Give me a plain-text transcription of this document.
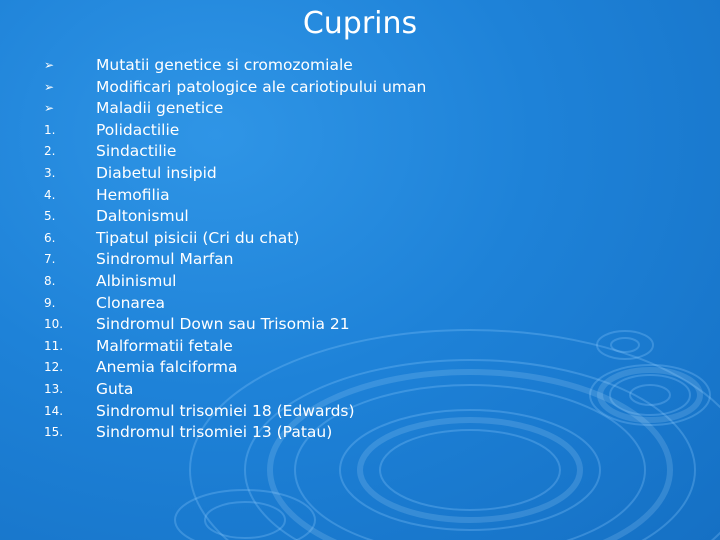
Cuprins
➢	Mutatii genetice si cromozomiale
➢	Modificari patologice ale cariotipului uman
➢	Maladii genetice
1.	Polidactilie
2.	Sindactilie
3.	Diabetul insipid
4.	Hemofilia
5.	Daltonismul
6.	Tipatul pisicii (Cri du chat)
7.	Sindromul Marfan
8.	Albinismul
9.	Clonarea
10. Sindromul Down sau Trisomia 21
11. Malformatii fetale
12. Anemia falciforma
13. Guta
14. Sindromul trisomiei 18 (Edwards)
15. Sindromul trisomiei 13 (Patau)
